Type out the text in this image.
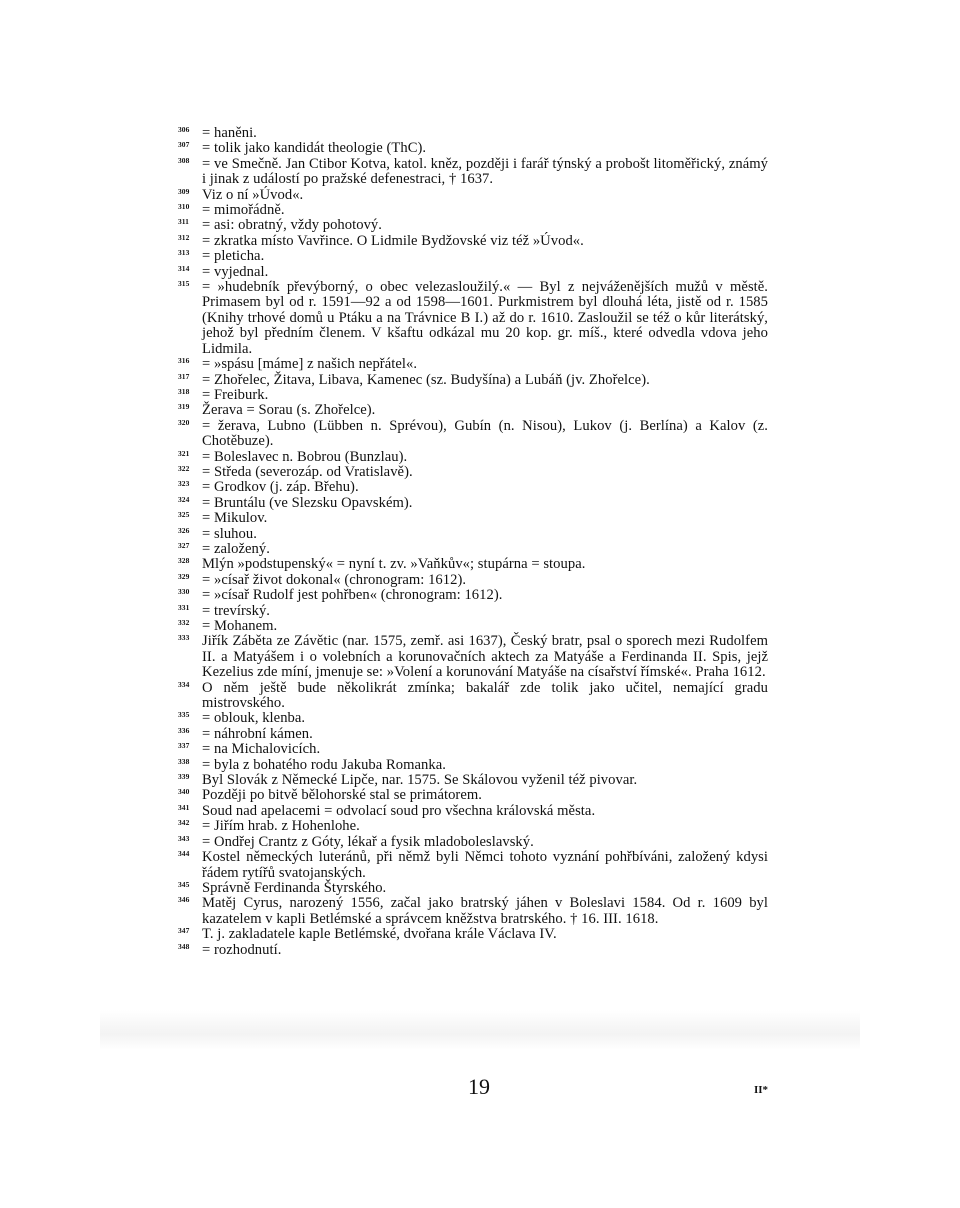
306 = haněni.
307 = tolik jako kandidát theologie (ThC).
308 = ve Smečně. Jan Ctibor Kotva, katol. kněz, později i farář týnský a probošt litoměřický, známý i jinak z událostí po pražské defenestraci, † 1637.
309 Viz o ní »Úvod«.
310 = mimořádně.
311 = asi: obratný, vždy pohotový.
312 = zkratka místo Vavřince. O Lidmile Bydžovské viz též »Úvod«.
313 = pleticha.
314 = vyjednal.
315 = »hudebník převýborný, o obec velezasloužilý.« — Byl z nejváženějších mužů v městě. Primasem byl od r. 1591—92 a od 1598—1601. Purkmistrem byl dlouhá léta, jistě od r. 1585 (Knihy trhové domů u Ptáku a na Trávnice B I.) až do r. 1610. Zasloužil se též o kůr literátský, jehož byl předním členem. V kšaftu odkázal mu 20 kop. gr. míš., které odvedla vdova jeho Lidmila.
316 = »spásu [máme] z našich nepřátel«.
317 = Zhořelec, Žitava, Libava, Kamenec (sz. Budyšína) a Lubáň (jv. Zhořelce).
318 = Freiburk.
319 Žerava = Sorau (s. Zhořelce).
320 = žerava, Lubno (Lübben n. Sprévou), Gubín (n. Nisou), Lukov (j. Berlína) a Kalov (z. Chotěbuze).
321 = Boleslavec n. Bobrou (Bunzlau).
322 = Středa (severozáp. od Vratislavě).
323 = Grodkov (j. záp. Břehu).
324 = Bruntálu (ve Slezsku Opavském).
325 = Mikulov.
326 = sluhou.
327 = založený.
328 Mlýn »podstupenský« = nyní t. zv. »Vaňkův«; stupárna = stoupa.
329 = »císař život dokonal« (chronogram: 1612).
330 = »císař Rudolf jest pohřben« (chronogram: 1612).
331 = trevírský.
332 = Mohanem.
333 Jiřík Záběta ze Závětic (nar. 1575, zemř. asi 1637), Český bratr, psal o sporech mezi Rudolfem II. a Matyášem i o volebních a korunovačních aktech za Matyáše a Ferdinanda II. Spis, jejž Kezelius zde míní, jmenuje se: »Volení a korunování Matyáše na císařství římské«. Praha 1612.
334 O něm ještě bude několikrát zmínka; bakalář zde tolik jako učitel, nemající gradu mistrovského.
335 = oblouk, klenba.
336 = náhrobní kámen.
337 = na Michalovicích.
338 = byla z bohatého rodu Jakuba Romanka.
339 Byl Slovák z Německé Lipče, nar. 1575. Se Skálovou vyženil též pivovar.
340 Později po bitvě bělohorské stal se primátorem.
341 Soud nad apelacemi = odvolací soud pro všechna královská města.
342 = Jiřím hrab. z Hohenlohe.
343 = Ondřej Crantz z Góty, lékař a fysik mladoboleslavský.
344 Kostel německých luteránů, při němž byli Němci tohoto vyznání pohřbíváni, založený kdysi řádem rytířů svatojanských.
345 Správně Ferdinanda Štyrského.
346 Matěj Cyrus, narozený 1556, začal jako bratrský jáhen v Boleslavi 1584. Od r. 1609 byl kazatelem v kapli Betlémské a správcem kněžstva bratrského. † 16. III. 1618.
347 T. j. zakladatele kaple Betlémské, dvořana krále Václava IV.
348 = rozhodnutí.
19	II*
